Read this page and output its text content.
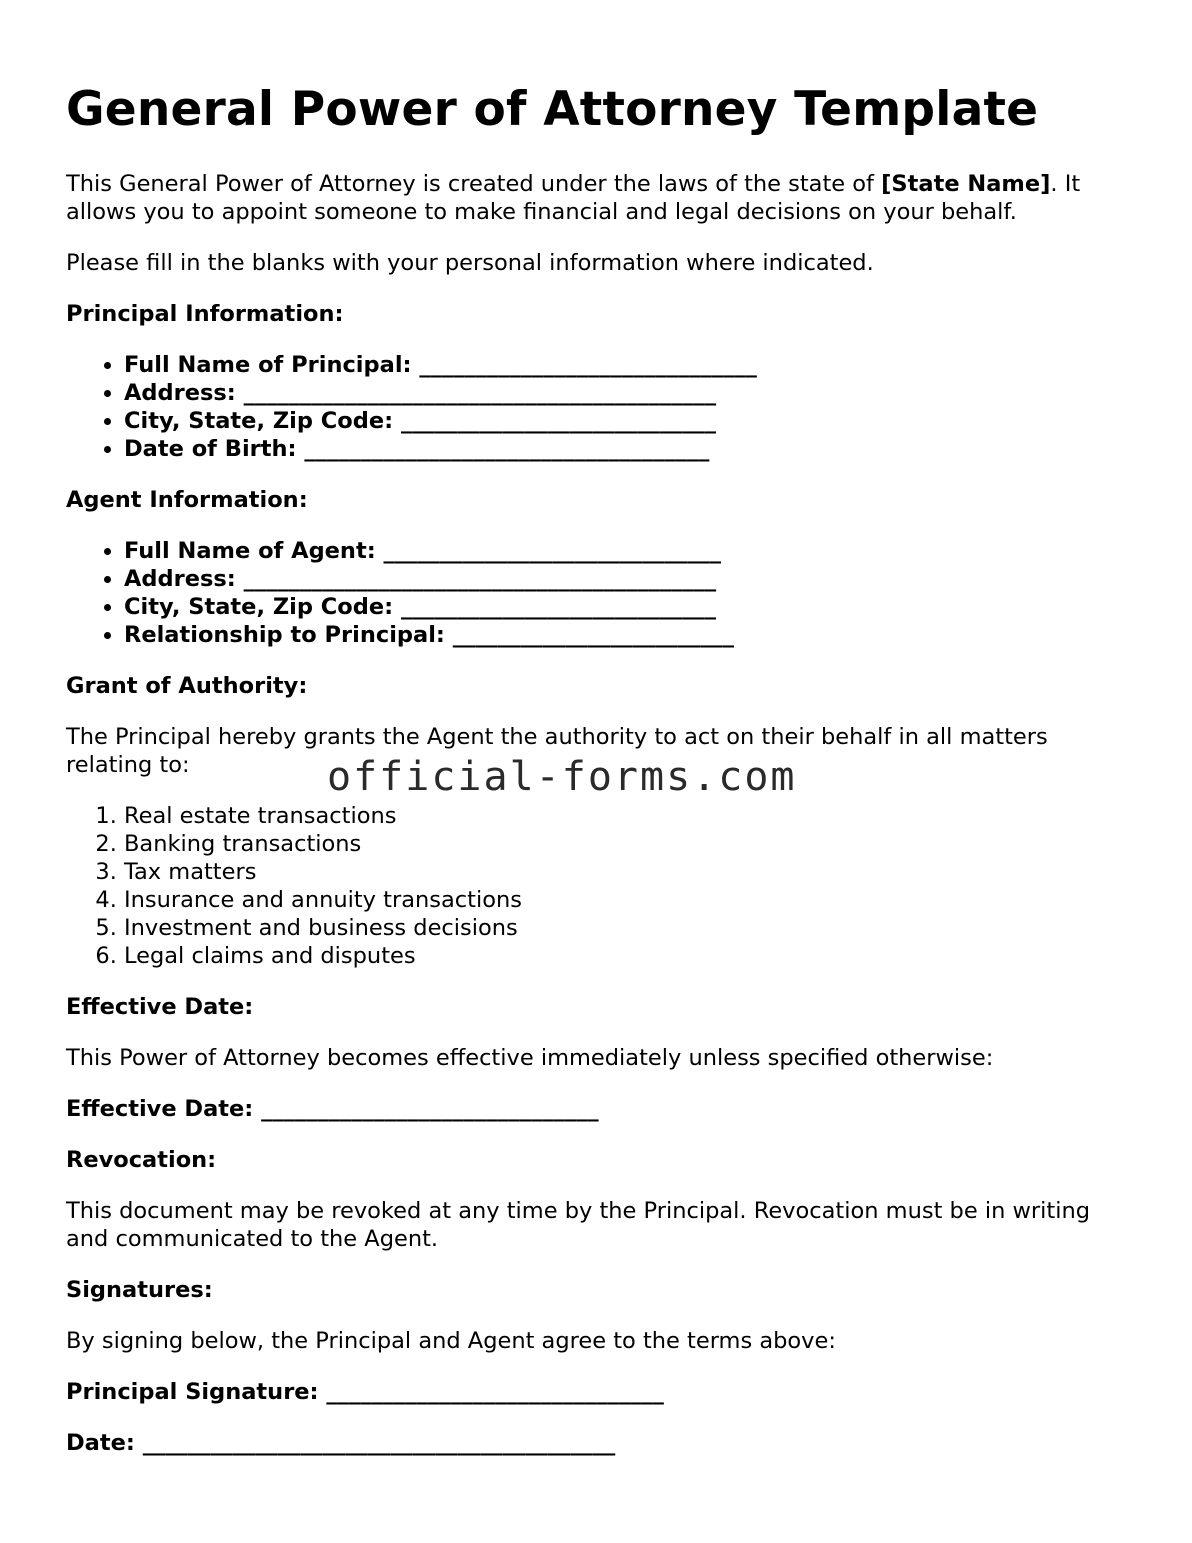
General Power of Attorney Template

This General Power of Attorney is created under the laws of the state of [State Name]. It allows you to appoint someone to make financial and legal decisions on your behalf.

Please fill in the blanks with your personal information where indicated.

Principal Information:

• Full Name of Principal: ______________________________
• Address: __________________________________________
• City, State, Zip Code: ____________________________
• Date of Birth: ____________________________________

Agent Information:

• Full Name of Agent: ______________________________
• Address: __________________________________________
• City, State, Zip Code: ____________________________
• Relationship to Principal: _________________________

Grant of Authority:

The Principal hereby grants the Agent the authority to act on their behalf in all matters relating to:

1. Real estate transactions
2. Banking transactions
3. Tax matters
4. Insurance and annuity transactions
5. Investment and business decisions
6. Legal claims and disputes

Effective Date:

This Power of Attorney becomes effective immediately unless specified otherwise:

Effective Date: ______________________________

Revocation:

This document may be revoked at any time by the Principal. Revocation must be in writing and communicated to the Agent.

Signatures:

By signing below, the Principal and Agent agree to the terms above:

Principal Signature: ______________________________

Date: __________________________________________

official-forms.com
